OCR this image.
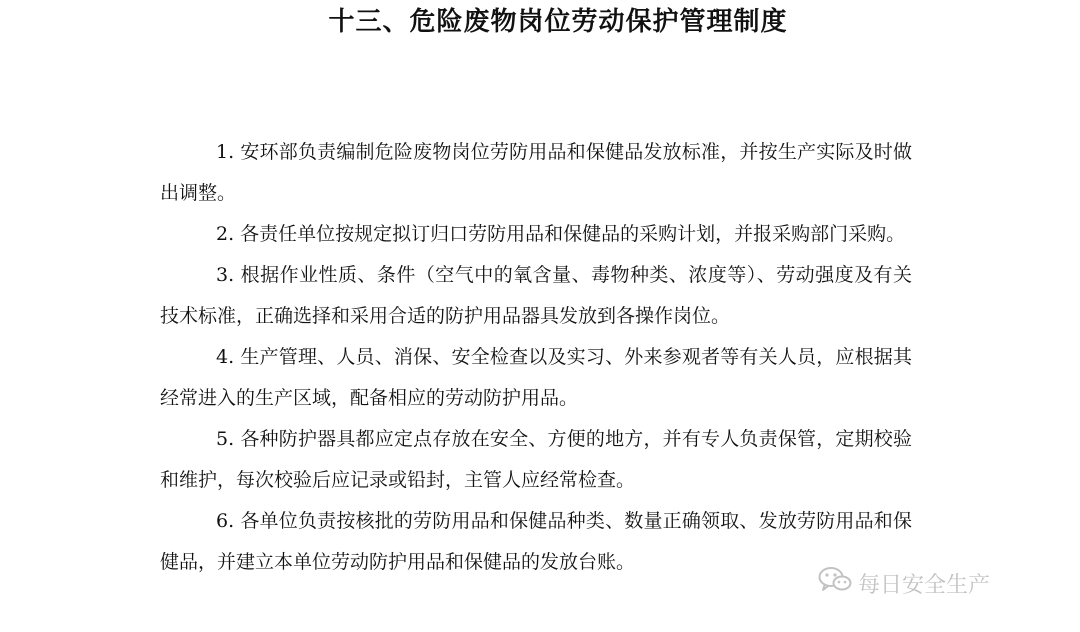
十三、危险废物岗位劳动保护管理制度

1. 安环部负责编制危险废物岗位劳防用品和保健品发放标准，并按生产实际及时做出调整。

2. 各责任单位按规定拟订归口劳防用品和保健品的采购计划，并报采购部门采购。

3. 根据作业性质、条件（空气中的氧含量、毒物种类、浓度等）、劳动强度及有关技术标准，正确选择和采用合适的防护用品器具发放到各操作岗位。

4. 生产管理、人员、消保、安全检查以及实习、外来参观者等有关人员，应根据其经常进入的生产区域，配备相应的劳动防护用品。

5. 各种防护器具都应定点存放在安全、方便的地方，并有专人负责保管，定期校验和维护，每次校验后应记录或铅封，主管人应经常检查。

6. 各单位负责按核批的劳防用品和保健品种类、数量正确领取、发放劳防用品和保健品，并建立本单位劳动防护用品和保健品的发放台账。

每日安全生产
